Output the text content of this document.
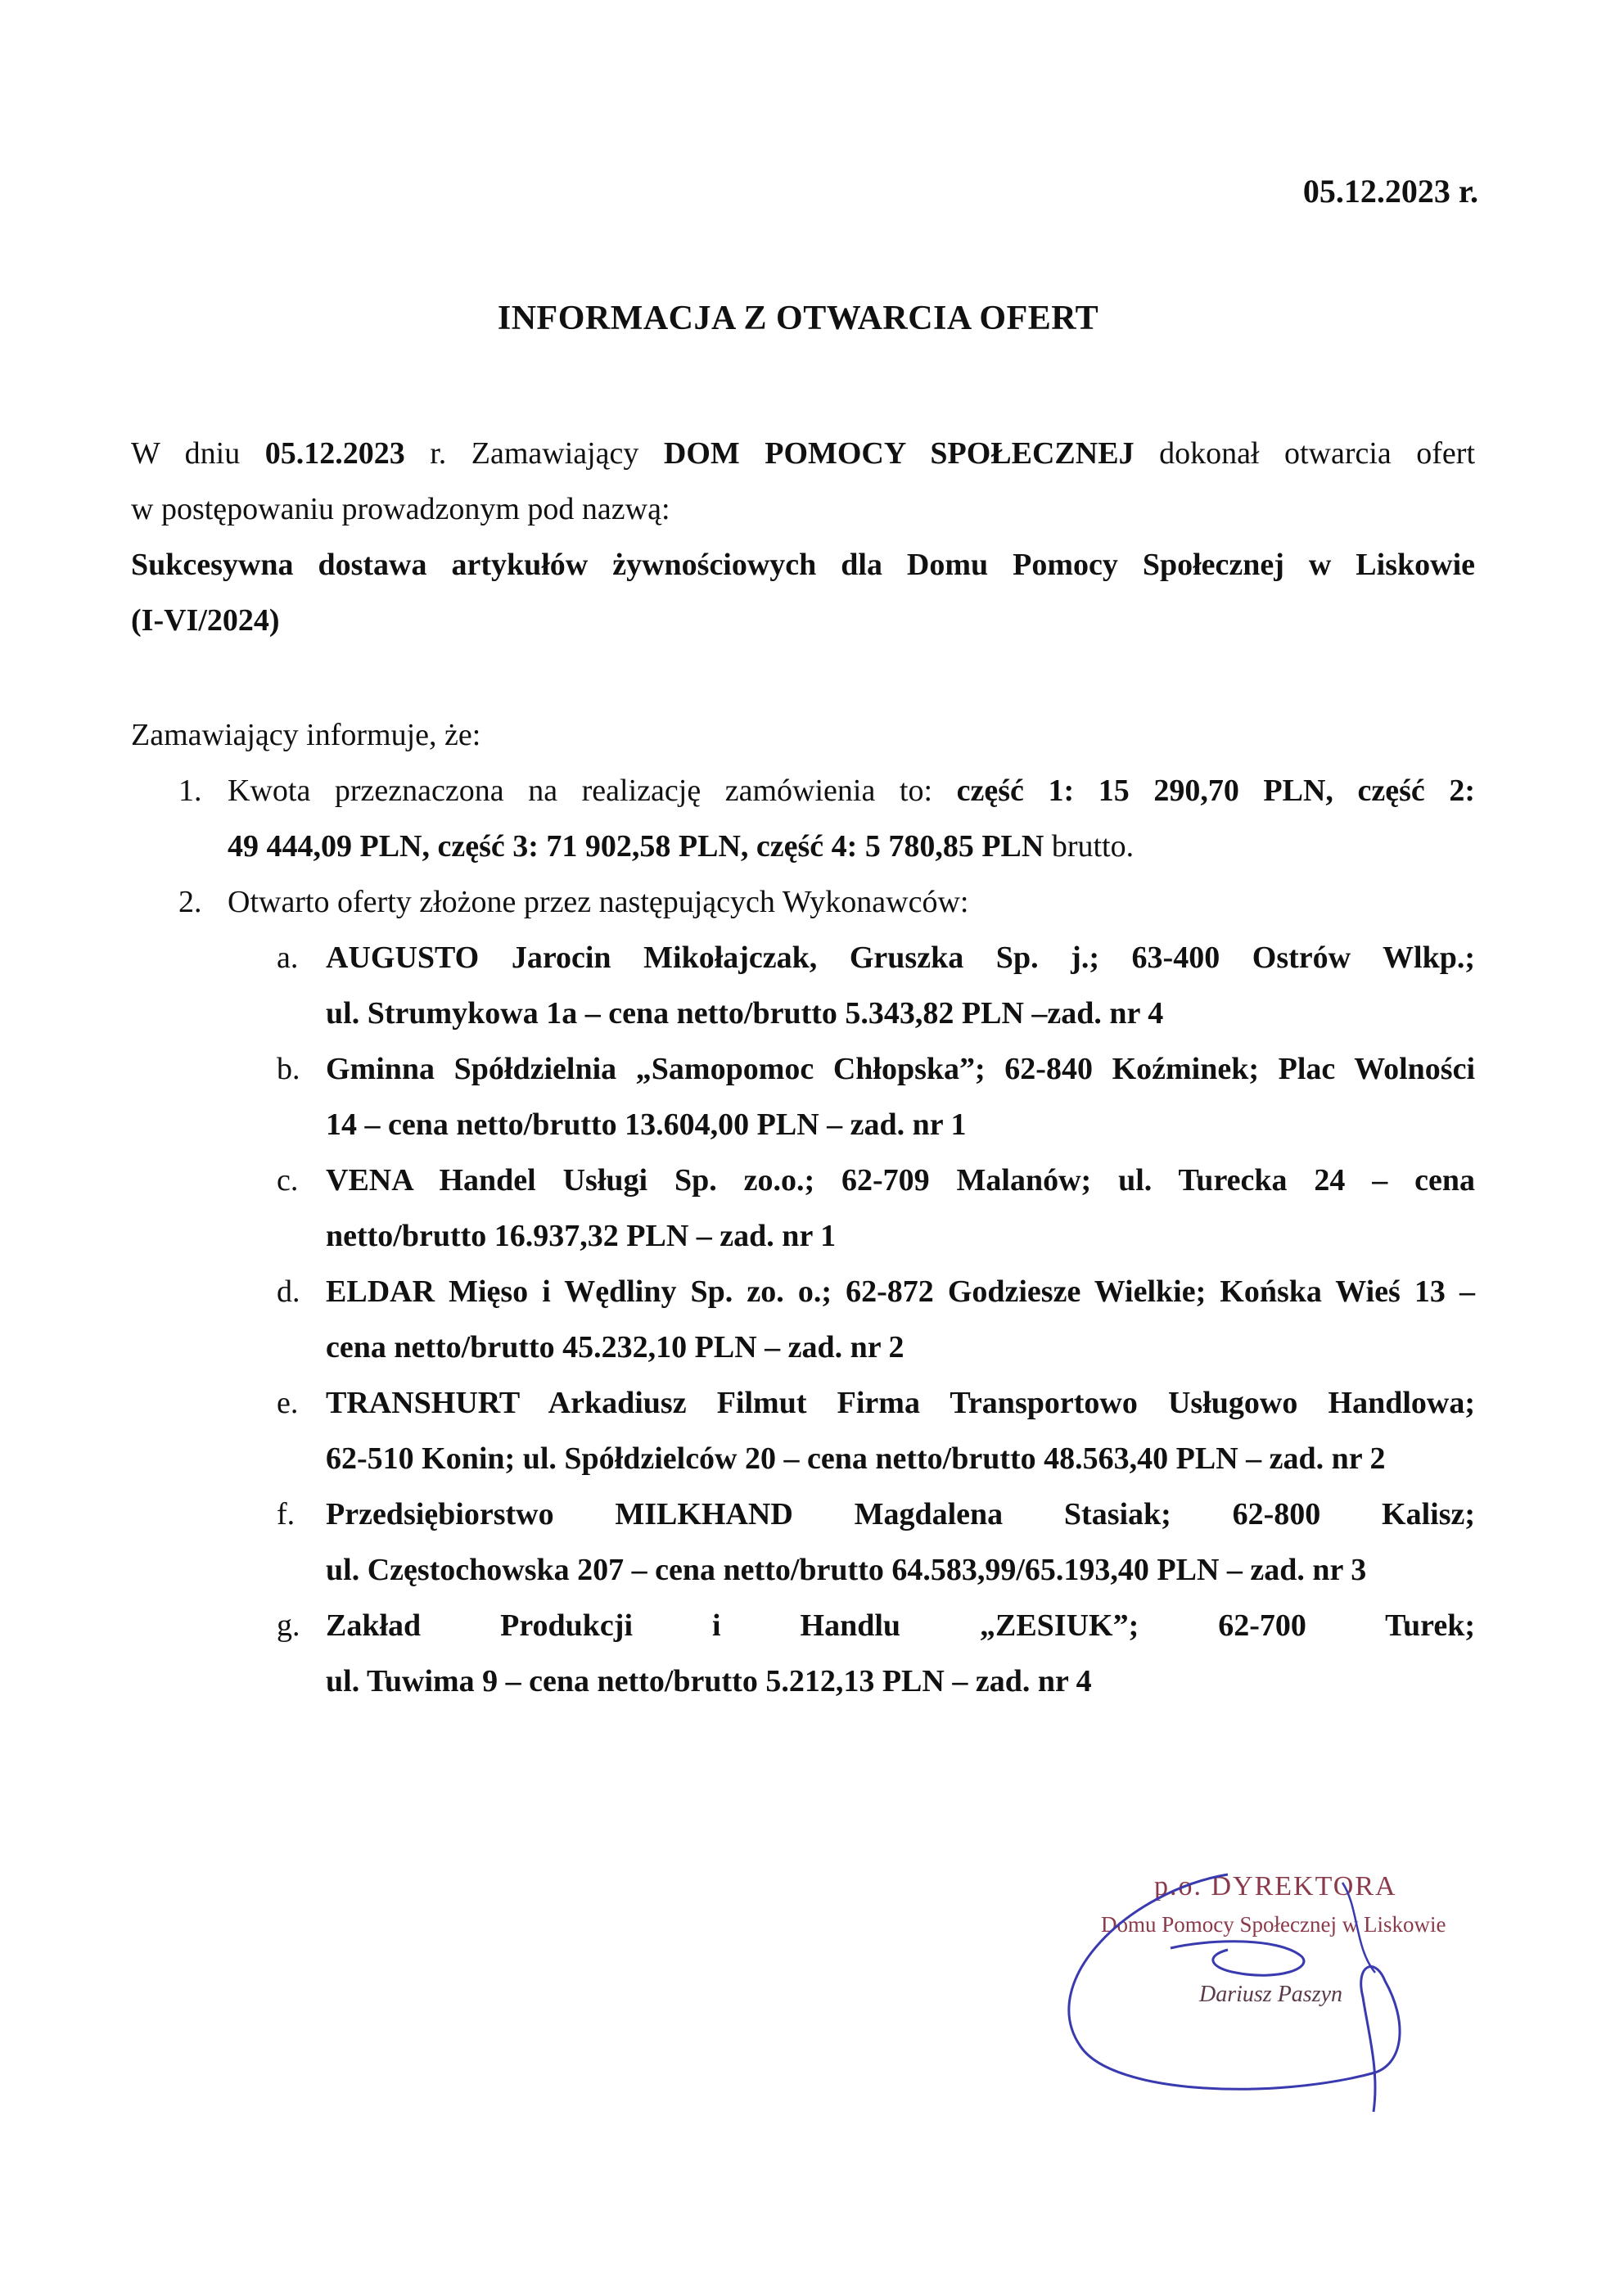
05.12.2023 r.
INFORMACJA Z OTWARCIA OFERT
W dniu 05.12.2023 r. Zamawiający DOM POMOCY SPOŁECZNEJ dokonał otwarcia ofert
w postępowaniu prowadzonym pod nazwą:
Sukcesywna dostawa artykułów żywnościowych dla Domu Pomocy Społecznej w Liskowie
(I-VI/2024)
Zamawiający informuje, że:
1. Kwota przeznaczona na realizację zamówienia to: część 1: 15 290,70 PLN, część 2:
49 444,09 PLN, część 3: 71 902,58 PLN, część 4: 5 780,85 PLN brutto.
2. Otwarto oferty złożone przez następujących Wykonawców:
a. AUGUSTO Jarocin Mikołajczak, Gruszka Sp. j.; 63-400 Ostrów Wlkp.;
ul. Strumykowa 1a – cena netto/brutto 5.343,82 PLN –zad. nr 4
b. Gminna Spółdzielnia „Samopomoc Chłopska”; 62-840 Koźminek; Plac Wolności
14 – cena netto/brutto 13.604,00 PLN – zad. nr 1
c. VENA Handel Usługi Sp. zo.o.; 62-709 Malanów; ul. Turecka 24 – cena
netto/brutto 16.937,32 PLN – zad. nr 1
d. ELDAR Mięso i Wędliny Sp. zo. o.; 62-872 Godziesze Wielkie; Końska Wieś 13 –
cena netto/brutto 45.232,10 PLN – zad. nr 2
e. TRANSHURT Arkadiusz Filmut Firma Transportowo Usługowo Handlowa;
62-510 Konin; ul. Spółdzielców 20 – cena netto/brutto 48.563,40 PLN – zad. nr 2
f. Przedsiębiorstwo MILKHAND Magdalena Stasiak; 62-800 Kalisz;
ul. Częstochowska 207 – cena netto/brutto 64.583,99/65.193,40 PLN – zad. nr 3
g. Zakład Produkcji i Handlu „ZESIUK”; 62-700 Turek;
ul. Tuwima 9 – cena netto/brutto 5.212,13 PLN – zad. nr 4
p.o. DYREKTORA
Domu Pomocy Społecznej w Liskowie
Dariusz Paszyn
